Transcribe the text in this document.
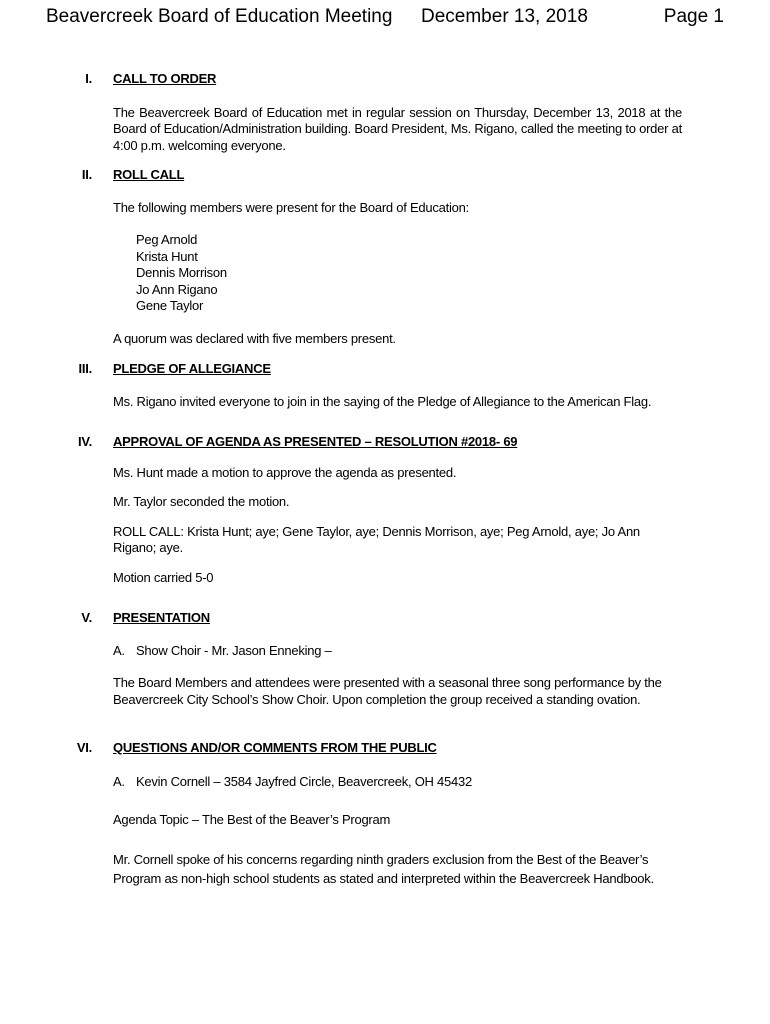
Beavercreek Board of Education Meeting December 13, 2018	Page 1
I. CALL TO ORDER

The Beavercreek Board of Education met in regular session on Thursday, December 13, 2018 at the Board of Education/Administration building. Board President, Ms. Rigano, called the meeting to order at 4:00 p.m. welcoming everyone.

II. ROLL CALL

The following members were present for the Board of Education:

Peg Arnold

Krista Hunt

Dennis Morrison

Jo Ann Rigano

Gene Taylor

A quorum was declared with five members present.

III. PLEDGE OF ALLEGIANCE

Ms. Rigano invited everyone to join in the saying of the Pledge of Allegiance to the American Flag.

IV. APPROVAL OF AGENDA AS PRESENTED – RESOLUTION #2018- 69

Ms. Hunt made a motion to approve the agenda as presented.

Mr. Taylor seconded the motion.

ROLL CALL: Krista Hunt; aye; Gene Taylor, aye; Dennis Morrison, aye; Peg Arnold, aye; Jo Ann Rigano; aye.

Motion carried 5-0

V. PRESENTATION

A. Show Choir - Mr. Jason Enneking –

The Board Members and attendees were presented with a seasonal three song performance by the Beavercreek City School’s Show Choir. Upon completion the group received a standing ovation.

VI. QUESTIONS AND/OR COMMENTS FROM THE PUBLIC

A. Kevin Cornell – 3584 Jayfred Circle, Beavercreek, OH 45432

Agenda Topic – The Best of the Beaver’s Program

Mr. Cornell spoke of his concerns regarding ninth graders exclusion from the Best of the Beaver’s Program as non-high school students as stated and interpreted within the Beavercreek Handbook.
